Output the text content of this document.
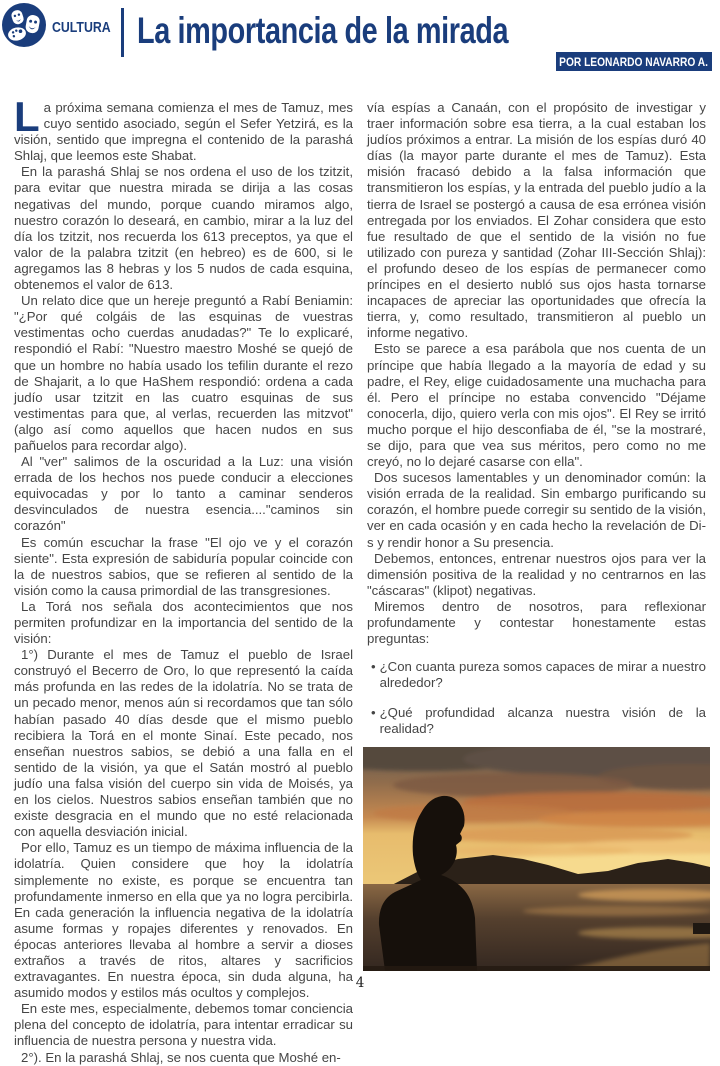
CULTURA La importancia de la mirada
POR LEONARDO NAVARRO A.

La próxima semana comienza el mes de Tamuz, mes cuyo sentido asociado, según el Sefer Yetzirá, es la visión, sentido que impregna el contenido de la parashá Shlaj, que leemos este Shabat.

En la parashá Shlaj se nos ordena el uso de los tzitzit, para evitar que nuestra mirada se dirija a las cosas negativas del mundo, porque cuando miramos algo, nuestro corazón lo deseará, en cambio, mirar a la luz del día los tzitzit, nos recuerda los 613 preceptos, ya que el valor de la palabra tzitzit (en hebreo) es de 600, si le agregamos las 8 hebras y los 5 nudos de cada esquina, obtenemos el valor de 613.

Un relato dice que un hereje preguntó a Rabí Beniamin: "¿Por qué colgáis de las esquinas de vuestras vestimentas ocho cuerdas anudadas?" Te lo explicaré, respondió el Rabí: "Nuestro maestro Moshé se quejó de que un hombre no había usado los tefilin durante el rezo de Shajarit, a lo que HaShem respondió: ordena a cada judío usar tzitzit en las cuatro esquinas de sus vestimentas para que, al verlas, recuerden las mitzvot" (algo así como aquellos que hacen nudos en sus pañuelos para recordar algo).

Al "ver" salimos de la oscuridad a la Luz: una visión errada de los hechos nos puede conducir a elecciones equivocadas y por lo tanto a caminar senderos desvinculados de nuestra esencia...."caminos sin corazón"

Es común escuchar la frase "El ojo ve y el corazón siente". Esta expresión de sabiduría popular coincide con la de nuestros sabios, que se refieren al sentido de la visión como la causa primordial de las transgresiones.

La Torá nos señala dos acontecimientos que nos permiten profundizar en la importancia del sentido de la visión:

1°) Durante el mes de Tamuz el pueblo de Israel construyó el Becerro de Oro, lo que representó la caída más profunda en las redes de la idolatría. No se trata de un pecado menor, menos aún si recordamos que tan sólo habían pasado 40 días desde que el mismo pueblo recibiera la Torá en el monte Sinaí. Este pecado, nos enseñan nuestros sabios, se debió a una falla en el sentido de la visión, ya que el Satán mostró al pueblo judío una falsa visión del cuerpo sin vida de Moisés, ya en los cielos. Nuestros sabios enseñan también que no existe desgracia en el mundo que no esté relacionada con aquella desviación inicial.

Por ello, Tamuz es un tiempo de máxima influencia de la idolatría. Quien considere que hoy la idolatría simplemente no existe, es porque se encuentra tan profundamente inmerso en ella que ya no logra percibirla. En cada generación la influencia negativa de la idolatría asume formas y ropajes diferentes y renovados. En épocas anteriores llevaba al hombre a servir a dioses extraños a través de ritos, altares y sacrificios extravagantes. En nuestra época, sin duda alguna, ha asumido modos y estilos más ocultos y complejos.

En este mes, especialmente, debemos tomar conciencia plena del concepto de idolatría, para intentar erradicar su influencia de nuestra persona y nuestra vida.

2°). En la parashá Shlaj, se nos cuenta que Moshé en-

vía espías a Canaán, con el propósito de investigar y traer información sobre esa tierra, a la cual estaban los judíos próximos a entrar. La misión de los espías duró 40 días (la mayor parte durante el mes de Tamuz). Esta misión fracasó debido a la falsa información que transmitieron los espías, y la entrada del pueblo judío a la tierra de Israel se postergó a causa de esa errónea visión entregada por los enviados. El Zohar considera que esto fue resultado de que el sentido de la visión no fue utilizado con pureza y santidad (Zohar III-Sección Shlaj): el profundo deseo de los espías de permanecer como príncipes en el desierto nubló sus ojos hasta tornarse incapaces de apreciar las oportunidades que ofrecía la tierra, y, como resultado, transmitieron al pueblo un informe negativo.

Esto se parece a esa parábola que nos cuenta de un príncipe que había llegado a la mayoría de edad y su padre, el Rey, elige cuidadosamente una muchacha para él. Pero el príncipe no estaba convencido "Déjame conocerla, dijo, quiero verla con mis ojos". El Rey se irritó mucho porque el hijo desconfiaba de él, "se la mostraré, se dijo, para que vea sus méritos, pero como no me creyó, no lo dejaré casarse con ella".

Dos sucesos lamentables y un denominador común: la visión errada de la realidad. Sin embargo purificando su corazón, el hombre puede corregir su sentido de la visión, ver en cada ocasión y en cada hecho la revelación de Di-s y rendir honor a Su presencia.

Debemos, entonces, entrenar nuestros ojos para ver la dimensión positiva de la realidad y no centrarnos en las "cáscaras" (klipot) negativas.

Miremos dentro de nosotros, para reflexionar profundamente y contestar honestamente estas preguntas:

• ¿Con cuanta pureza somos capaces de mirar a nuestro alrededor?
• ¿Qué profundidad alcanza nuestra visión de la realidad?
4
